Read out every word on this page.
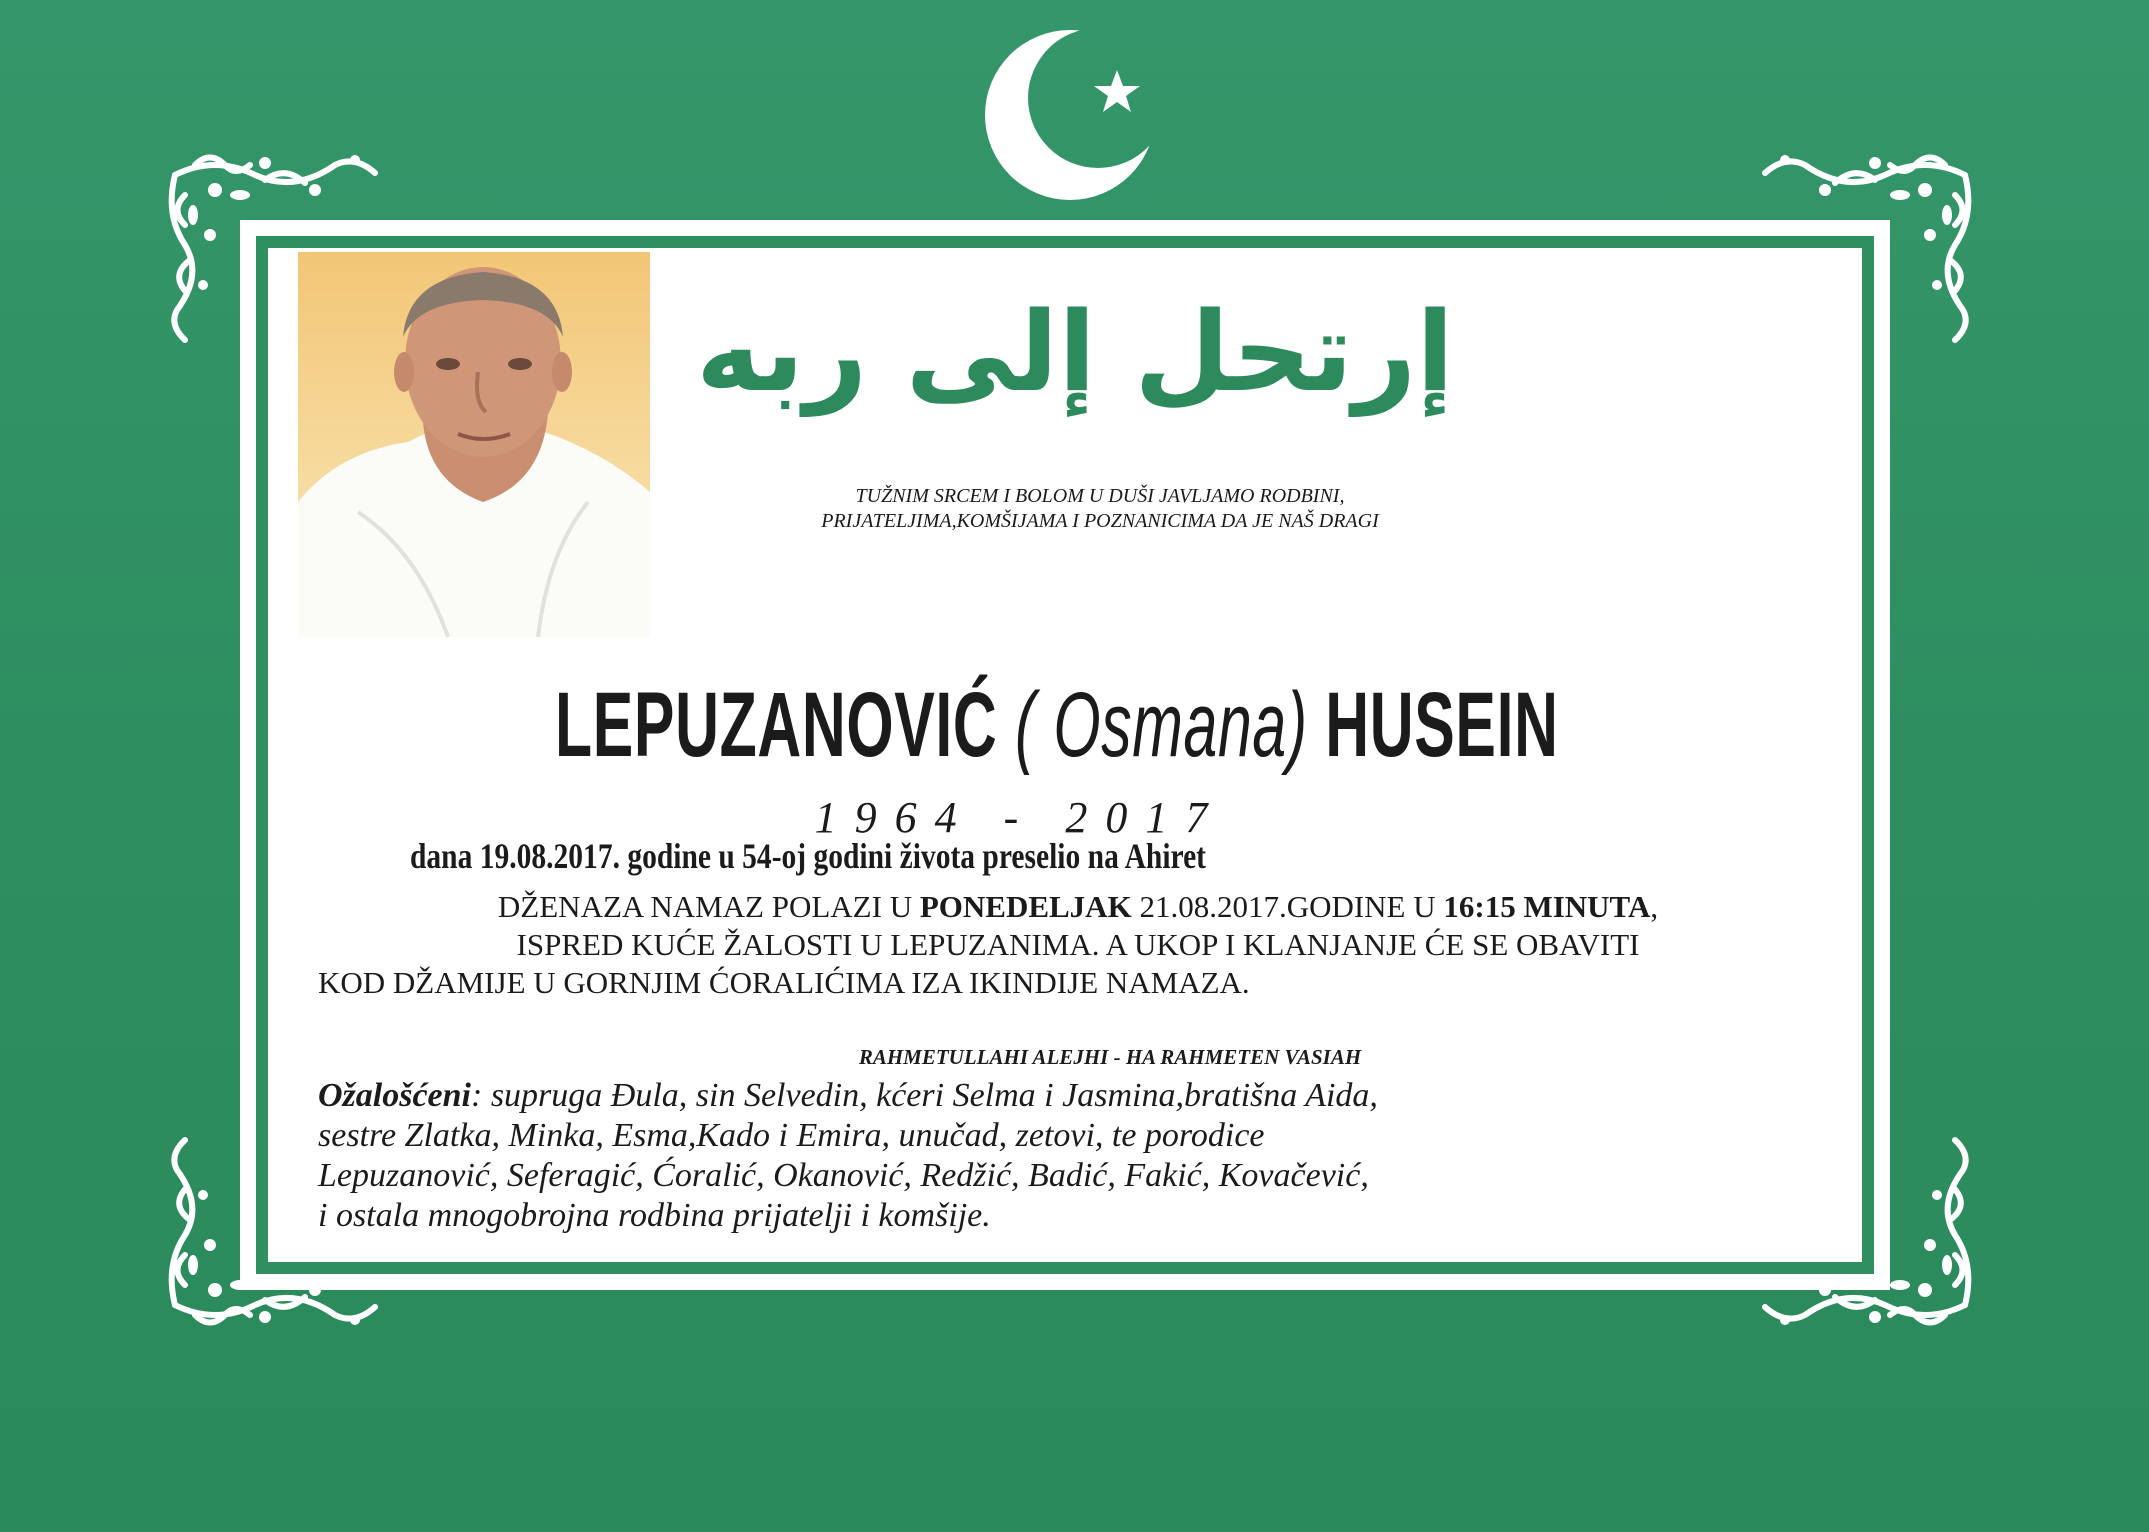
إرتحل إلى ربه
TUŽNIM SRCEM I BOLOM U DUŠI JAVLJAMO RODBINI,
PRIJATELJIMA,KOMŠIJAMA I POZNANICIMA DA JE NAŠ DRAGI
LEPUZANOVIĆ ( Osmana) HUSEIN
1964 - 2017
dana 19.08.2017. godine u 54-oj godini života preselio na Ahiret
DŽENAZA NAMAZ POLAZI U PONEDELJAK 21.08.2017.GODINE U 16:15 MINUTA,
ISPRED KUĆE ŽALOSTI U LEPUZANIMA. A UKOP I KLANJANJE ĆE SE OBAVITI
KOD DŽAMIJE U GORNJIM ĆORALIĆIMA IZA IKINDIJE NAMAZA.
RAHMETULLAHI ALEJHI - HA RAHMETEN VASIAH
Ožalošćeni: supruga Đula, sin Selvedin, kćeri Selma i Jasmina,bratišna Aida,
sestre Zlatka, Minka, Esma,Kado i Emira, unučad, zetovi, te porodice
Lepuzanović, Seferagić, Ćoralić, Okanović, Redžić, Badić, Fakić, Kovačević,
i ostala mnogobrojna rodbina prijatelji i komšije.
